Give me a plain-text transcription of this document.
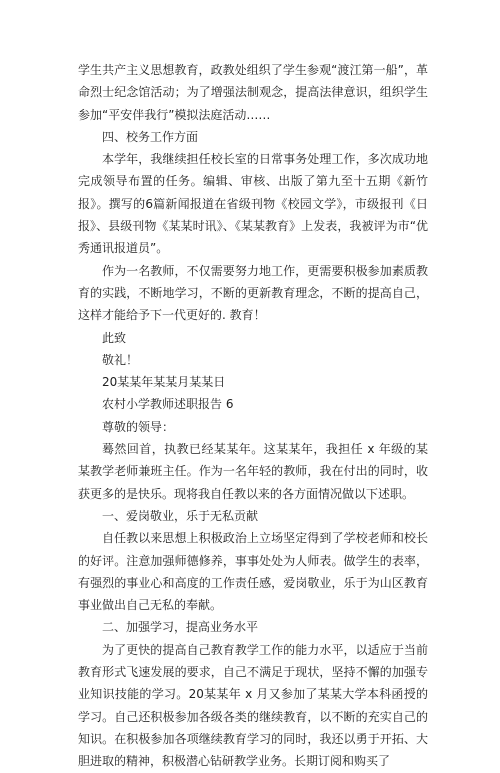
学生共产主义思想教育，政教处组织了学生参观“渡江第一船”，革命烈士纪念馆活动；为了增强法制观念，提高法律意识，组织学生参加“平安伴我行”模拟法庭活动……

四、校务工作方面

本学年，我继续担任校长室的日常事务处理工作，多次成功地完成领导布置的任务。编辑、审核、出版了第九至十五期《新竹报》。撰写的6篇新闻报道在省级刊物《校园文学》，市级报刊《日报》、县级刊物《某某时讯》、《某某教育》上发表，我被评为市“优秀通讯报道员”。

作为一名教师，不仅需要努力地工作，更需要积极参加素质教育的实践，不断地学习，不断的更新教育理念，不断的提高自己，这样才能给予下一代更好的. 教育！

此致

敬礼！

20某某年某某月某某日

农村小学教师述职报告 6

尊敬的领导：

蓦然回首，执教已经某某年。这某某年，我担任 x 年级的某某教学老师兼班主任。作为一名年轻的教师，我在付出的同时，收获更多的是快乐。现将我自任教以来的各方面情况做以下述职。

一、爱岗敬业，乐于无私贡献

自任教以来思想上积极政治上立场坚定得到了学校老师和校长的好评。注意加强师德修养，事事处处为人师表。做学生的表率，有强烈的事业心和高度的工作责任感，爱岗敬业，乐于为山区教育事业做出自己无私的奉献。

二、加强学习，提高业务水平

为了更快的提高自己教育教学工作的能力水平，以适应于当前教育形式飞速发展的要求，自己不满足于现状，坚持不懈的加强专业知识技能的学习。20某某年 x 月又参加了某某大学本科函授的学习。自己还积极参加各级各类的继续教育，以不断的充实自己的知识。在积极参加各项继续教育学习的同时，我还以勇于开拓、大胆进取的精神，积极潜心钻研教学业务。长期订阅和购买了
